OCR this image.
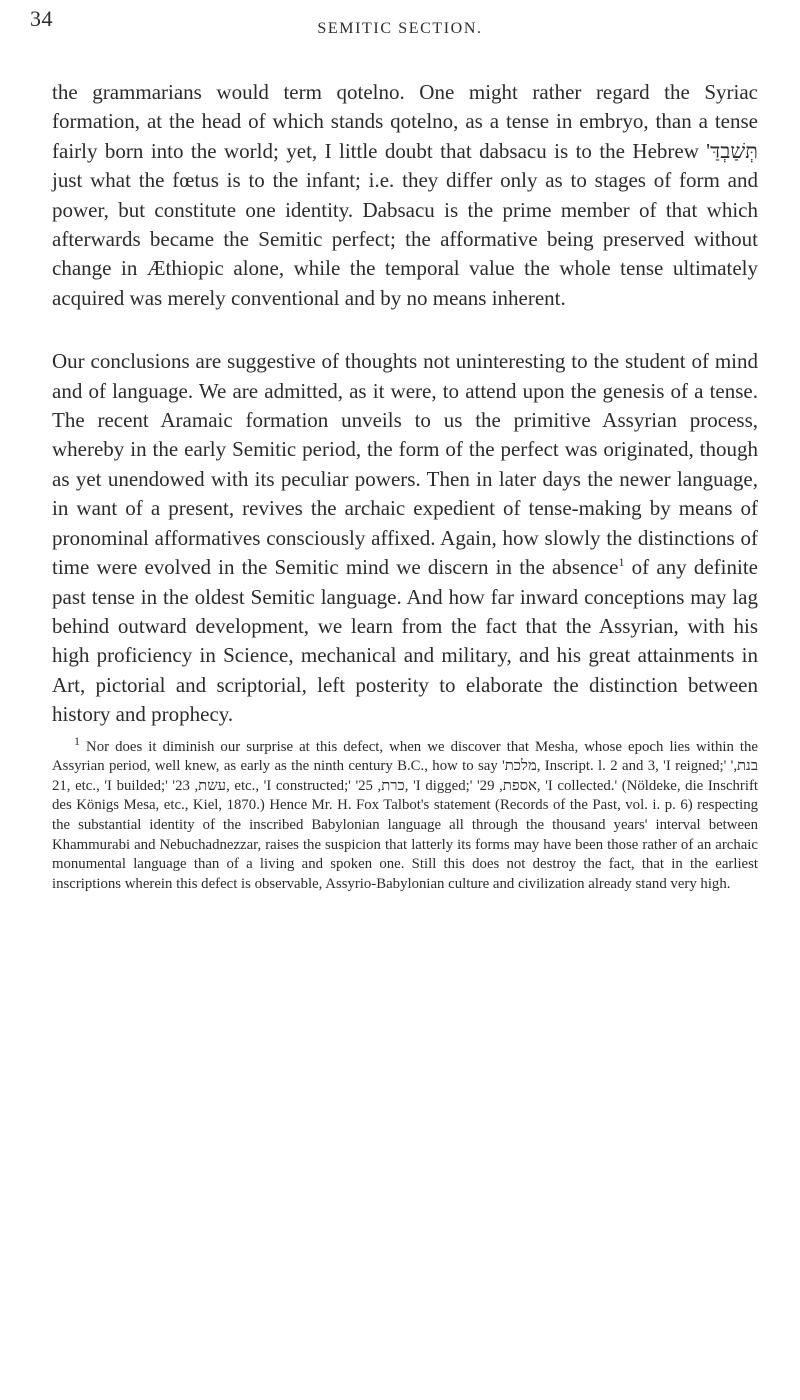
34	SEMITIC SECTION.

the grammarians would term qotelno. One might rather regard the Syriac formation, at the head of which stands qotelno, as a tense in embryo, than a tense fairly born into the world; yet, I little doubt that dabsacu is to the Hebrew 'תְּשַׁבְדַּ just what the fœtus is to the infant; i.e. they differ only as to stages of form and power, but constitute one identity. Dabsacu is the prime member of that which afterwards became the Semitic perfect; the afformative being preserved without change in Æthiopic alone, while the temporal value the whole tense ultimately acquired was merely conventional and by no means inherent.

Our conclusions are suggestive of thoughts not uninteresting to the student of mind and of language. We are admitted, as it were, to attend upon the genesis of a tense. The recent Aramaic formation unveils to us the primitive Assyrian process, whereby in the early Semitic period, the form of the perfect was originated, though as yet unendowed with its peculiar powers. Then in later days the newer language, in want of a present, revives the archaic expedient of tense-making by means of pronominal afformatives consciously affixed. Again, how slowly the distinctions of time were evolved in the Semitic mind we discern in the absence$^1$ of any definite past tense in the oldest Semitic language. And how far inward conceptions may lag behind outward development, we learn from the fact that the Assyrian, with his high proficiency in Science, mechanical and military, and his great attainments in Art, pictorial and scriptorial, left posterity to elaborate the distinction between history and prophecy.

$^1$ Nor does it diminish our surprise at this defect, when we discover that Mesha, whose epoch lies within the Assyrian period, well knew, as early as the ninth century B.C., how to say 'מלכת, Inscript. l. 2 and 3, 'I reigned;' 'בנת, 21, etc., 'I builded;' 'עשת, 23, etc., 'I constructed;' 'כרת, 25, 'I digged;' 'אספת, 29, 'I collected.' (Nöldeke, die Inschrift des Königs Mesa, etc., Kiel, 1870.) Hence Mr. H. Fox Talbot's statement (Records of the Past, vol. i. p. 6) respecting the substantial identity of the inscribed Babylonian language all through the thousand years' interval between Khammurabi and Nebuchadnezzar, raises the suspicion that latterly its forms may have been those rather of an archaic monumental language than of a living and spoken one. Still this does not destroy the fact, that in the earliest inscriptions wherein this defect is observable, Assyrio-Babylonian culture and civilization already stand very high.
